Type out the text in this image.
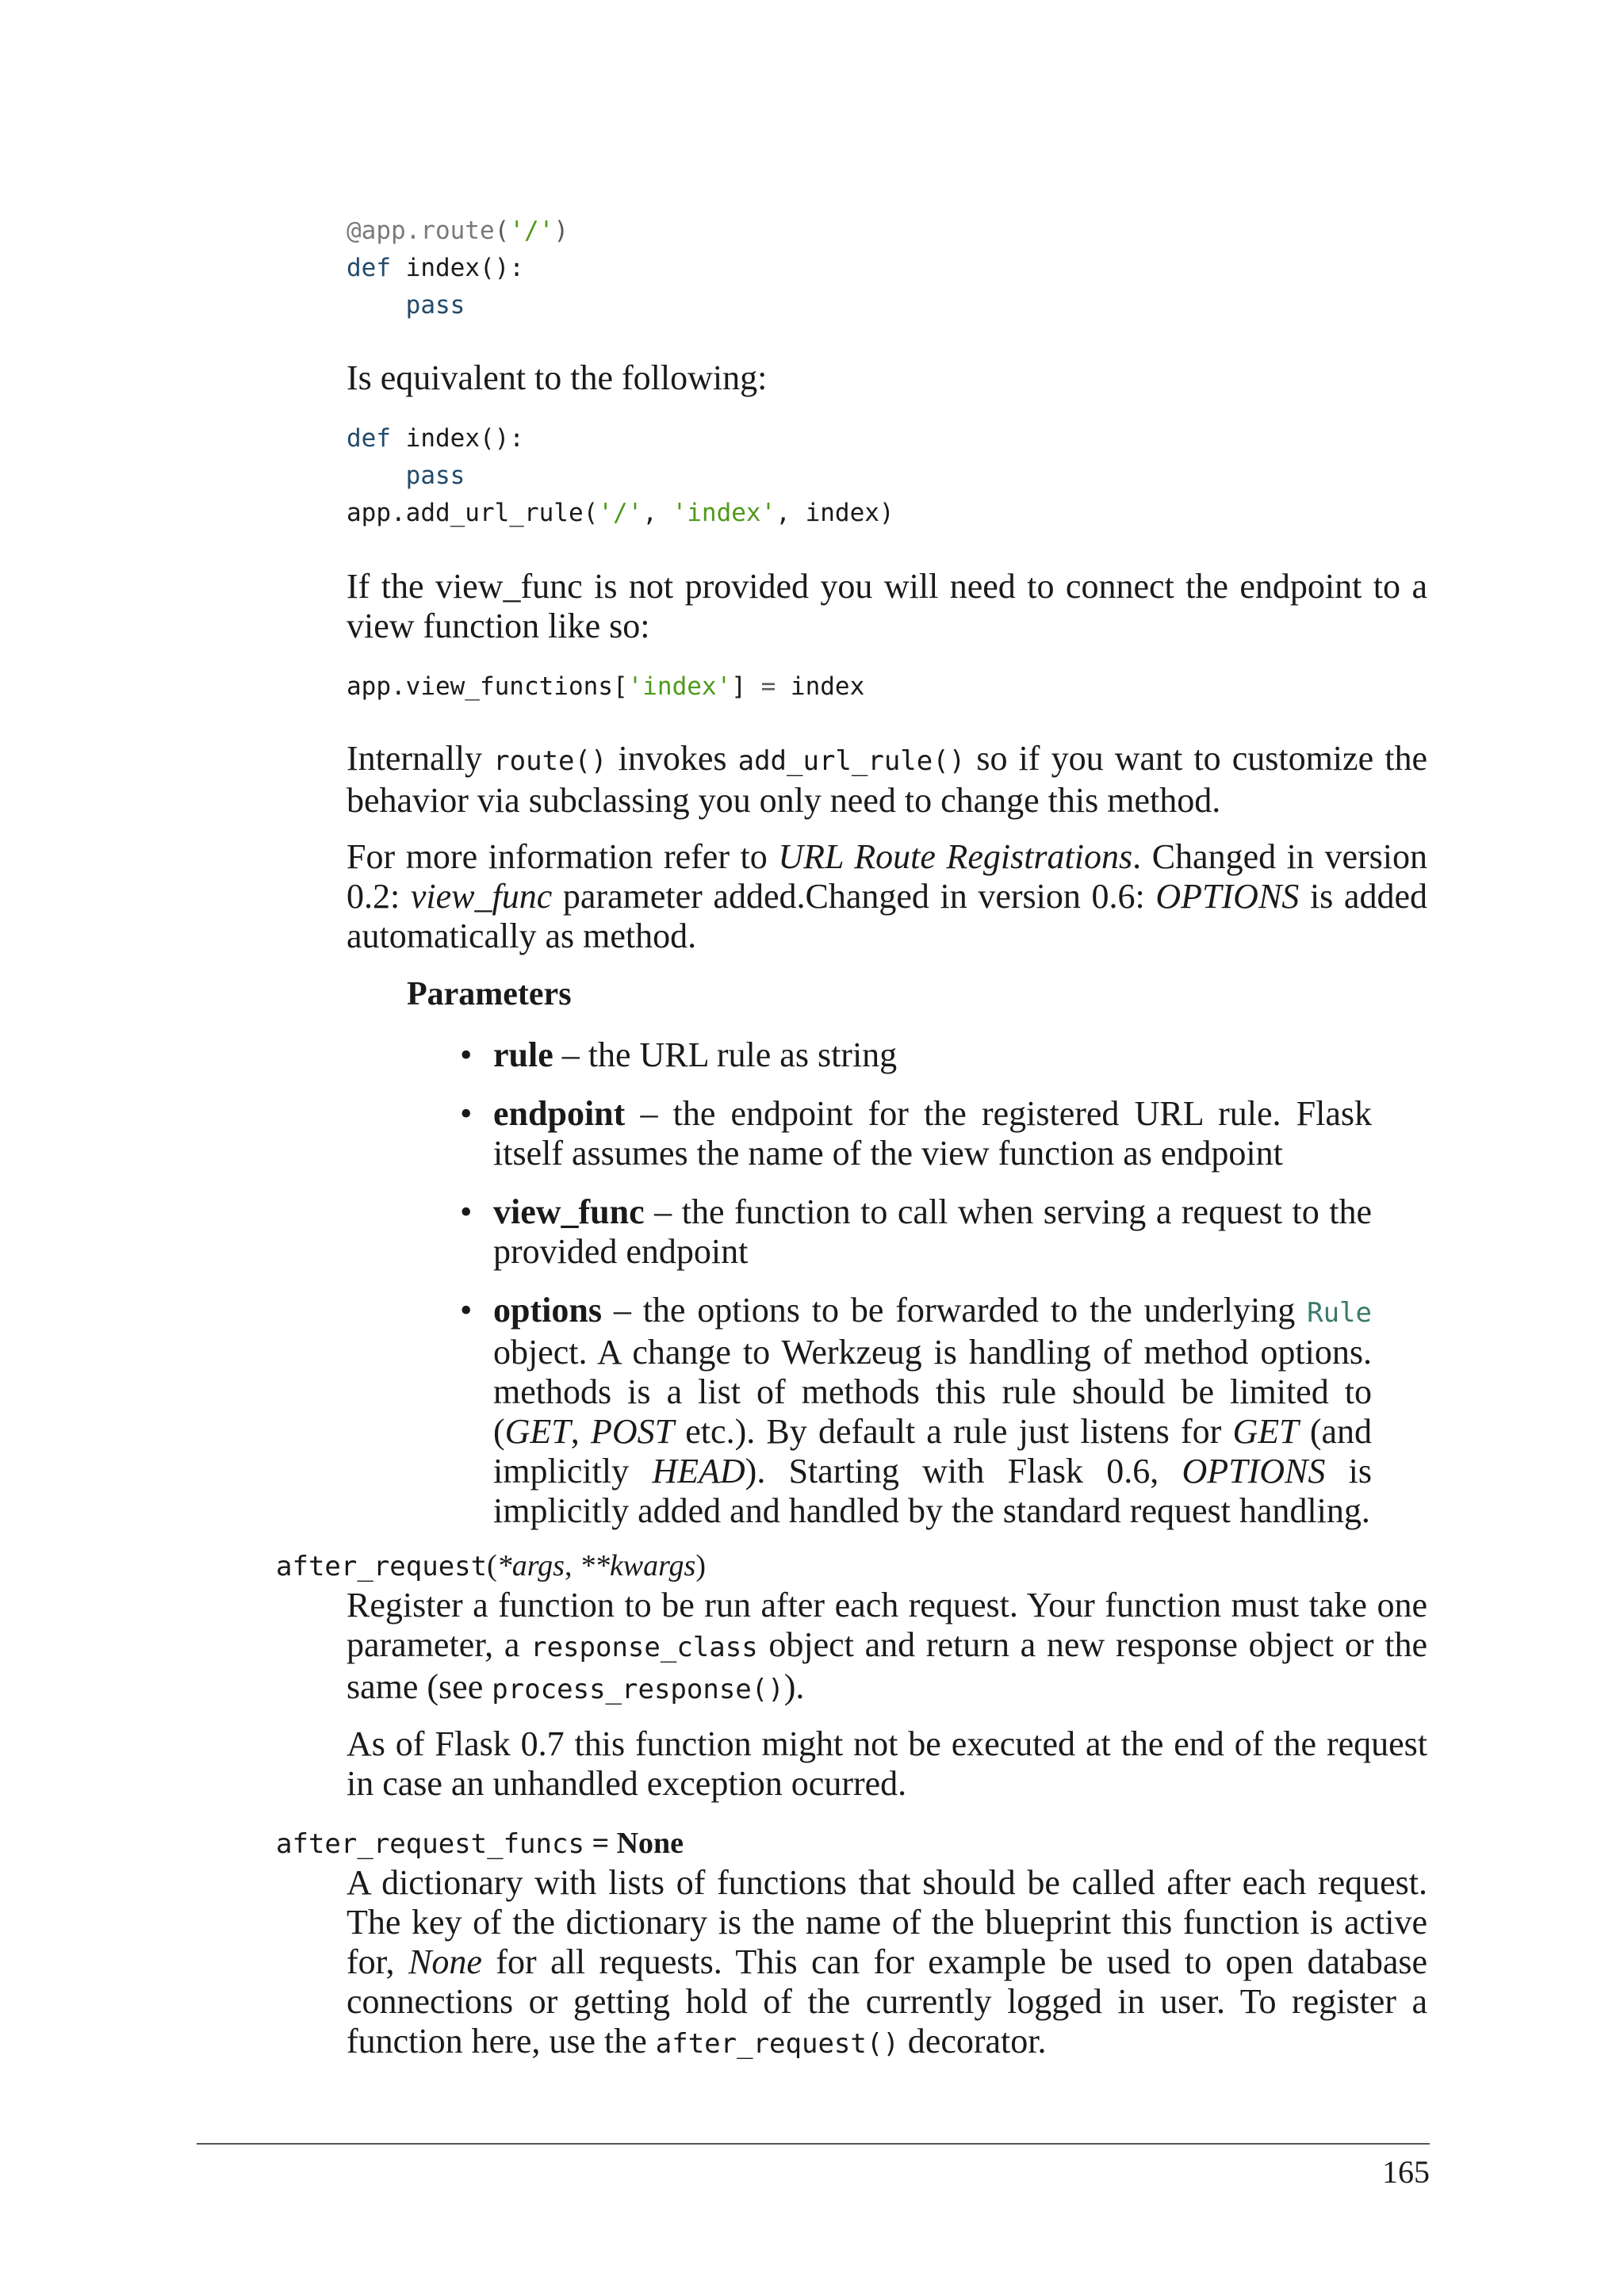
@app.route('/')
def index():
pass

Is equivalent to the following:

def index():
pass
app.add_url_rule('/', 'index', index)

If the view_func is not provided you will need to connect the endpoint to a view function like so:

app.view_functions['index'] = index

Internally route() invokes add_url_rule() so if you want to customize the behavior via subclassing you only need to change this method.

For more information refer to URL Route Registrations. Changed in version 0.2: view_func parameter added.Changed in version 0.6: OPTIONS is added automatically as method.

Parameters
• rule – the URL rule as string
• endpoint – the endpoint for the registered URL rule. Flask itself assumes the name of the view function as endpoint
• view_func – the function to call when serving a request to the provided endpoint
• options – the options to be forwarded to the underlying Rule object. A change to Werkzeug is handling of method options. methods is a list of methods this rule should be limited to (GET, POST etc.). By default a rule just listens for GET (and implicitly HEAD). Starting with Flask 0.6, OPTIONS is implicitly added and handled by the standard request handling.
after_request(*args, **kwargs)

Register a function to be run after each request. Your function must take one parameter, a response_class object and return a new response object or the same (see process_response()).

As of Flask 0.7 this function might not be executed at the end of the request in case an unhandled exception ocurred.

after_request_funcs = None

A dictionary with lists of functions that should be called after each request. The key of the dictionary is the name of the blueprint this function is active for, None for all requests. This can for example be used to open database connections or getting hold of the currently logged in user. To register a function here, use the after_request() decorator.

165
